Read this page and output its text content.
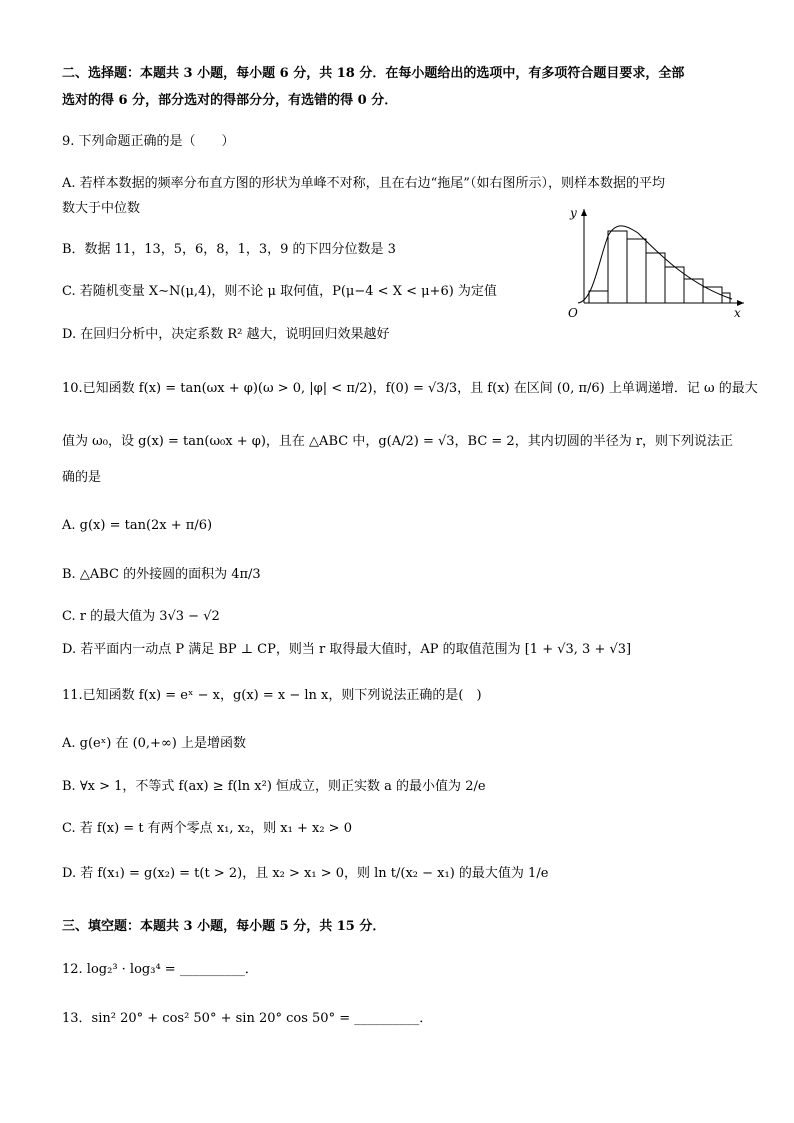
二、选择题：本题共 3 小题，每小题 6 分，共 18 分．在每小题给出的选项中，有多项符合题目要求，全部
选对的得 6 分，部分选对的得部分分，有选错的得 0 分．
9. 下列命题正确的是（　　）
A. 若样本数据的频率分布直方图的形状为单峰不对称，且在右边“拖尾”（如右图所示），则样本数据的平均
数大于中位数
B．数据 11，13，5，6，8，1，3，9 的下四分位数是 3
C. 若随机变量 X∼N(μ,4)，则不论 μ 取何值，P(μ−4 < X < μ+6) 为定值
D. 在回归分析中，决定系数 R² 越大，说明回归效果越好
y
x
O
10.已知函数 f(x) = tan(ωx + φ)(ω > 0, |φ| < π/2)，f(0) = √3/3，且 f(x) 在区间 (0, π/6) 上单调递增．记 ω 的最大
值为 ω₀，设 g(x) = tan(ω₀x + φ)，且在 △ABC 中，g(A/2) = √3，BC = 2，其内切圆的半径为 r，则下列说法正
确的是
A. g(x) = tan(2x + π/6)
B. △ABC 的外接圆的面积为 4π/3
C. r 的最大值为 3√3 − √2
D. 若平面内一动点 P 满足 BP ⊥ CP，则当 r 取得最大值时，AP 的取值范围为 [1 + √3, 3 + √3]
11.已知函数 f(x) = eˣ − x，g(x) = x − ln x，则下列说法正确的是(　)
A. g(eˣ) 在 (0,+∞) 上是增函数
B. ∀x > 1，不等式 f(ax) ≥ f(ln x²) 恒成立，则正实数 a 的最小值为 2/e
C. 若 f(x) = t 有两个零点 x₁, x₂，则 x₁ + x₂ > 0
D. 若 f(x₁) = g(x₂) = t(t > 2)，且 x₂ > x₁ > 0，则 ln t/(x₂ − x₁) 的最大值为 1/e
三、填空题：本题共 3 小题，每小题 5 分，共 15 分．
12. log₂³ · log₃⁴ = __________．
13．sin² 20° + cos² 50° + sin 20° cos 50° = __________．
